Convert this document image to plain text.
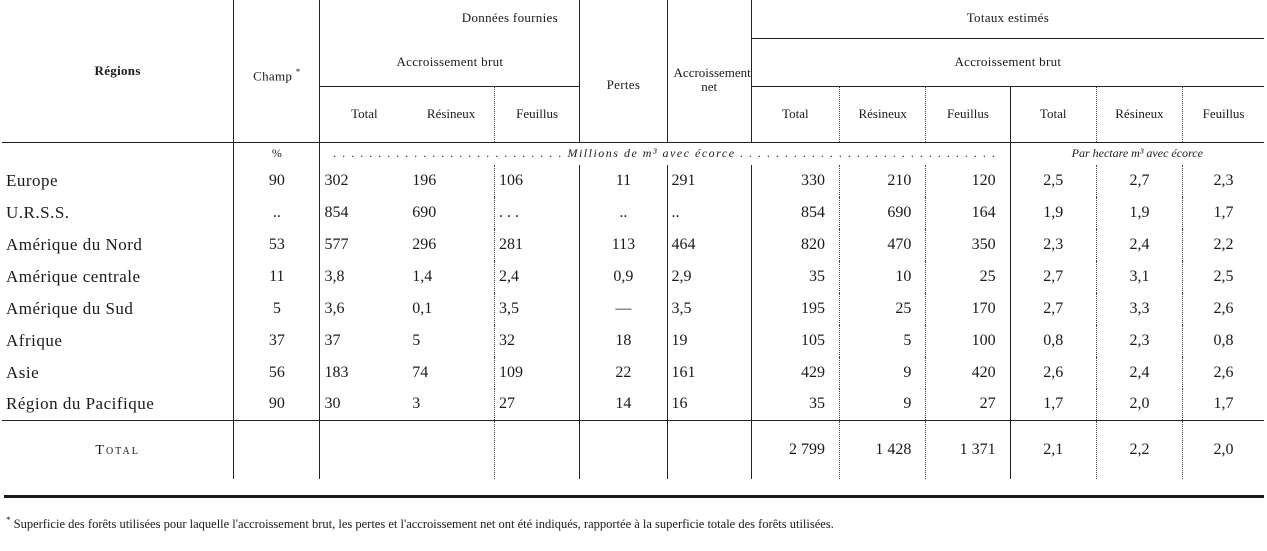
Régions	Champ *	Données fournies			Pertes	Accroissement net	Totaux estimés					
		Accroissement brut					Accroissement brut					
		Total	Résineux	Feuillus			Total	Résineux	Feuillus	Total	Résineux	Feuillus
	%	. . . . . . . . . . . . . . . . . . . . . . . . . . Millions de m³ avec écorce . . . . . . . . . . . . . . . . . . . . . . . . . . . . .								Par hectare m³ avec écorce		
Europe	90	302	196	106	11	291	330	210	120	2,5	2,7	2,3
U.R.S.S.	..	854	690	. . .	..	..	854	690	164	1,9	1,9	1,7
Amérique du Nord	53	577	296	281	113	464	820	470	350	2,3	2,4	2,2
Amérique centrale	11	3,8	1,4	2,4	0,9	2,9	35	10	25	2,7	3,1	2,5
Amérique du Sud	5	3,6	0,1	3,5	—	3,5	195	25	170	2,7	3,3	2,6
Afrique	37	37	5	32	18	19	105	5	100	0,8	2,3	0,8
Asie	56	183	74	109	22	161	429	9	420	2,6	2,4	2,6
Région du Pacifique	90	30	3	27	14	16	35	9	27	1,7	2,0	1,7
Total							2 799	1 428	1 371	2,1	2,2	2,0
* Superficie des forêts utilisées pour laquelle l'accroissement brut, les pertes et l'accroissement net ont été indiqués, rapportée à la superficie totale des forêts utilisées.
